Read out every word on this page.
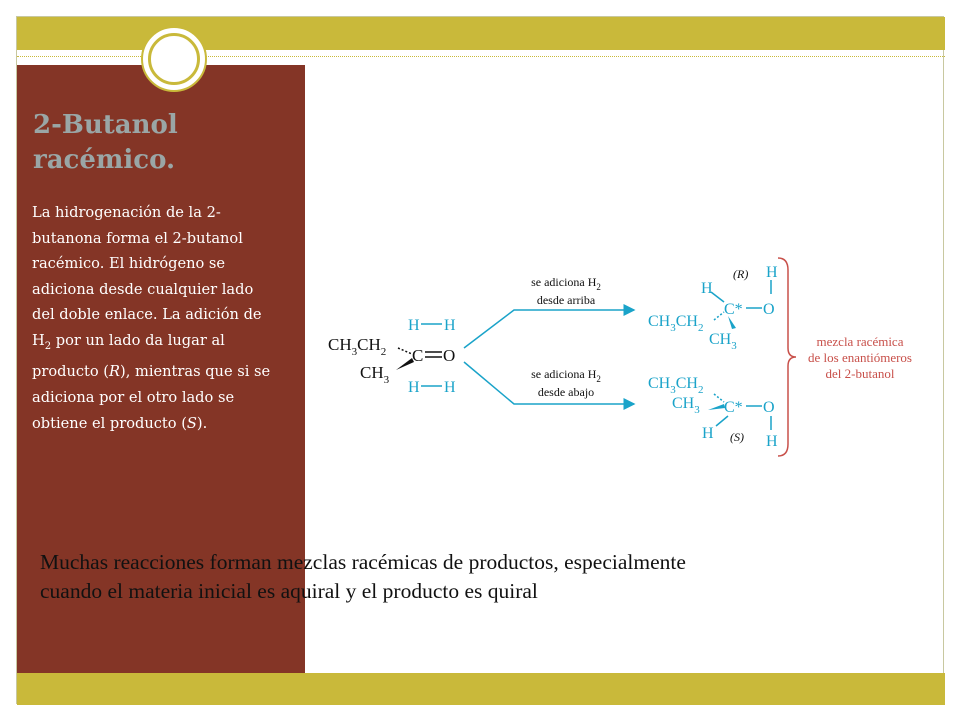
2-Butanol
racémico.

La hidrogenación de la 2-butanona forma el 2-butanol racémico. El hidrógeno se adiciona desde cualquier lado del doble enlace. La adición de $H_2$ por un lado da lugar al producto (R), mientras que si se adiciona por el otro lado se obtiene el producto (S).

$CH_3CH_2$
$CH_3$
C O
H H
H H
se adiciona $H_2$
desde arriba
se adiciona $H_2$
desde abajo
(R) H
H
C* O
$CH_3CH_2$
$CH_3$
$CH_3CH_2$
$CH_3$ C* O
H (S) H
mezcla racémica
de los enantiómeros
del 2-butanol

Muchas reacciones forman mezclas racémicas de productos, especialmente
cuando el materia inicial es aquiral y el producto es quiral
